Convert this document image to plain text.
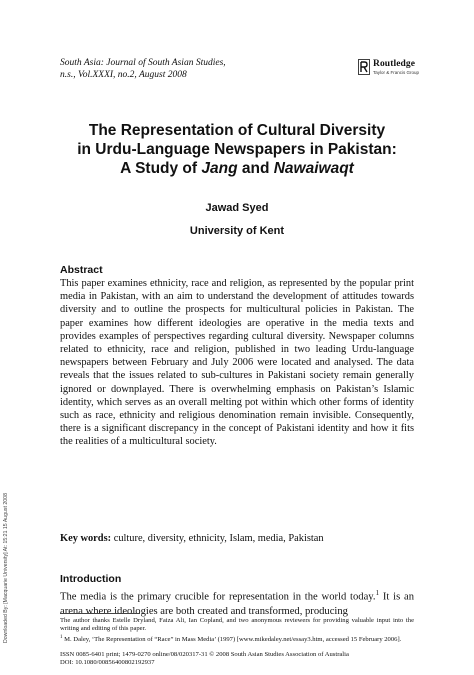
South Asia: Journal of South Asian Studies,
n.s., Vol.XXXI, no.2, August 2008
Routledge
Taylor & Francis Group
The Representation of Cultural Diversity
in Urdu-Language Newspapers in Pakistan:
A Study of Jang and Nawaiwaqt
Jawad Syed
University of Kent
Downloaded By: [Macquarie University] At: 15:21 15 August 2008
Abstract

This paper examines ethnicity, race and religion, as represented by the popular print media in Pakistan, with an aim to understand the development of attitudes towards diversity and to outline the prospects for multicultural policies in Pakistan. The paper examines how different ideologies are operative in the media texts and provides examples of perspectives regarding cultural diversity. Newspaper columns related to ethnicity, race and religion, published in two leading Urdu-language newspapers between February and July 2006 were located and analysed. The data reveals that the issues related to sub-cultures in Pakistani society remain generally ignored or downplayed. There is overwhelming emphasis on Pakistan’s Islamic identity, which serves as an overall melting pot within which other forms of identity such as race, ethnicity and religious denomination remain invisible. Consequently, there is a significant discrepancy in the concept of Pakistani identity and how it fits the realities of a multicultural society.

Key words: culture, diversity, ethnicity, Islam, media, Pakistan
Introduction

The media is the primary crucible for representation in the world today.$^1$ It is an arena where ideologies are both created and transformed, producing

The author thanks Estelle Dryland, Faiza Ali, Ian Copland, and two anonymous reviewers for providing valuable input into the writing and editing of this paper.

$^1$ M. Daley, ‘The Representation of “Race” in Mass Media’ (1997) [www.mikedaley.net/essay3.htm, accessed 15 February 2006].

ISSN 0085-6401 print; 1479-0270 online/08/020317-31 © 2008 South Asian Studies Association of Australia
DOI: 10.1080/00856400802192937
